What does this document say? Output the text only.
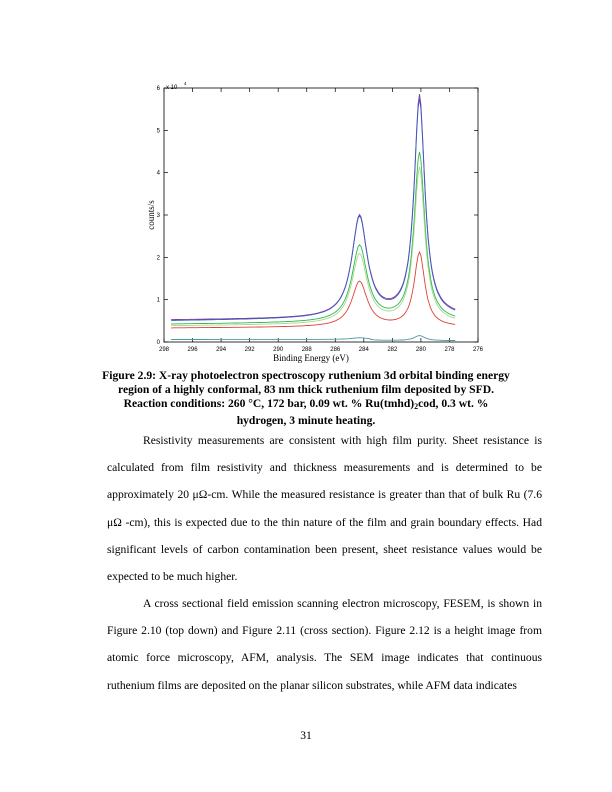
0
1
2
3
4
5
6
298	296	294	292	290	288	286	284	282	280	278	276
x 10
4
Binding Energy (eV)
counts/s
Figure 2.9: X-ray photoelectron spectroscopy ruthenium 3d orbital binding energy region of a highly conformal, 83 nm thick ruthenium film deposited by SFD. Reaction conditions: 260 °C, 172 bar, 0.09 wt. % $Ru(tmhd)_2cod$, 0.3 wt. % hydrogen, 3 minute heating.

Resistivity measurements are consistent with high film purity. Sheet resistance is calculated from film resistivity and thickness measurements and is determined to be approximately 20 μΩ-cm. While the measured resistance is greater than that of bulk Ru (7.6 μΩ -cm), this is expected due to the thin nature of the film and grain boundary effects. Had significant levels of carbon contamination been present, sheet resistance values would be expected to be much higher.

A cross sectional field emission scanning electron microscopy, FESEM, is shown in Figure 2.10 (top down) and Figure 2.11 (cross section). Figure 2.12 is a height image from atomic force microscopy, AFM, analysis. The SEM image indicates that continuous ruthenium films are deposited on the planar silicon substrates, while AFM data indicates

31
